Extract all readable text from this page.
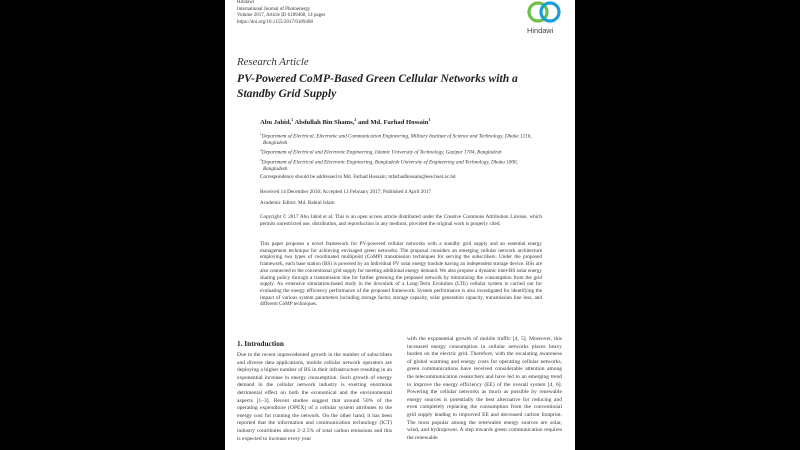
Hindawi
International Journal of Photoenergy
Volume 2017, Article ID 6189468, 14 pages
https://doi.org/10.1155/2017/6189468
Hindawi
Research Article
PV-Powered CoMP-Based Green Cellular Networks with a Standby Grid Supply
Abu Jahid,$^1$ Abdullah Bin Shams,$^2$ and Md. Farhad Hossain$^3$
$^1$Department of Electrical, Electronic and Communication Engineering, Military Institute of Science and Technology, Dhaka 1216, Bangladesh
$^2$Department of Electrical and Electronic Engineering, Islamic University of Technology, Gazipur 1704, Bangladesh
$^3$Department of Electrical and Electronic Engineering, Bangladesh University of Engineering and Technology, Dhaka 1000, Bangladesh
Correspondence should be addressed to Md. Farhad Hossain; mfarhadhossain@eee.buet.ac.bd
Received 14 December 2016; Accepted 13 February 2017; Published 4 April 2017
Academic Editor: Md. Rabiul Islam
Copyright © 2017 Abu Jahid et al. This is an open access article distributed under the Creative Commons Attribution License, which permits unrestricted use, distribution, and reproduction in any medium, provided the original work is properly cited.
This paper proposes a novel framework for PV-powered cellular networks with a standby grid supply and an essential energy management technique for achieving envisaged green networks. The proposal considers an emerging cellular network architecture employing two types of coordinated multipoint (CoMP) transmission techniques for serving the subscribers. Under the proposed framework, each base station (BS) is powered by an individual PV solar energy module having an independent storage device. BSs are also connected to the conventional grid supply for meeting additional energy demand. We also propose a dynamic inter-BS solar energy sharing policy through a transmission line for further greening the proposed network by minimizing the consumption from the grid supply. An extensive simulation-based study in the downlink of a Long-Term Evolution (LTE) cellular system is carried out for evaluating the energy efficiency performance of the proposed framework. System performance is also investigated for identifying the impact of various system parameters including storage factor, storage capacity, solar generation capacity, transmission line loss, and different CoMP techniques.
1. Introduction
Due to the recent unprecedented growth in the number of subscribers and diverse data applications, mobile cellular network operators are deploying a higher number of BS in their infrastructure resulting in an exponential increase in energy consumption. Such growth of energy demand in the cellular network industry is exerting enormous detrimental effect on both the economical and the environmental aspects [1–3]. Recent studies suggest that around 50% of the operating expenditure (OPEX) of a cellular system attributes to the energy cost for running the network. On the other hand, it has been reported that the information and communication technology (ICT) industry contributes about 2–2.5% of total carbon emissions and this is expected to increase every year
with the exponential growth of mobile traffic [4, 5]. Moreover, this increased energy consumption in cellular networks places heavy burden on the electric grid. Therefore, with the escalating awareness of global warming and energy costs for operating cellular networks, green communications have received considerable attention among the telecommunication researchers and have led to an emerging trend to improve the energy efficiency (EE) of the overall system [4, 6]. Powering the cellular networks as much as possible by renewable energy sources is potentially the best alternative for reducing and even completely replacing the consumption from the conventional grid supply leading to improved EE and decreased carbon footprint. The most popular among the renewable energy sources are solar, wind, and hydropower. A step towards green communication requires the renewable
